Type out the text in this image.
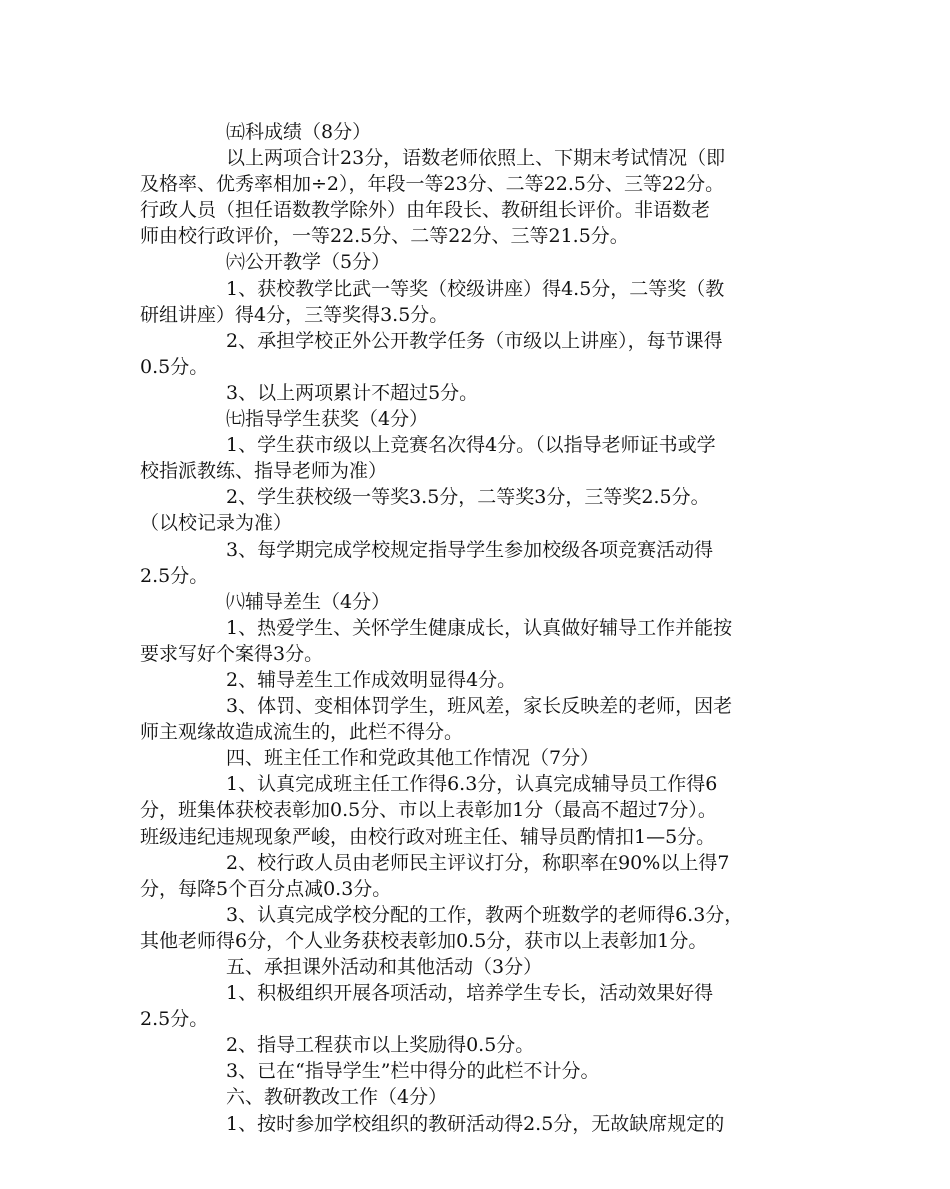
㈤科成绩（8分）
以上两项合计23分，语数老师依照上、下期末考试情况（即
及格率、优秀率相加÷2），年段一等23分、二等22.5分、三等22分。
行政人员（担任语数教学除外）由年段长、教研组长评价。非语数老
师由校行政评价，一等22.5分、二等22分、三等21.5分。
㈥公开教学（5分）
1、获校教学比武一等奖（校级讲座）得4.5分，二等奖（教
研组讲座）得4分，三等奖得3.5分。
2、承担学校正外公开教学任务（市级以上讲座），每节课得
0.5分。
3、以上两项累计不超过5分。
㈦指导学生获奖（4分）
1、学生获市级以上竞赛名次得4分。（以指导老师证书或学
校指派教练、指导老师为准）
2、学生获校级一等奖3.5分，二等奖3分，三等奖2.5分。
（以校记录为准）
3、每学期完成学校规定指导学生参加校级各项竞赛活动得
2.5分。
㈧辅导差生（4分）
1、热爱学生、关怀学生健康成长，认真做好辅导工作并能按
要求写好个案得3分。
2、辅导差生工作成效明显得4分。
3、体罚、变相体罚学生，班风差，家长反映差的老师，因老
师主观缘故造成流生的，此栏不得分。
四、班主任工作和党政其他工作情况（7分）
1、认真完成班主任工作得6.3分，认真完成辅导员工作得6
分，班集体获校表彰加0.5分、市以上表彰加1分（最高不超过7分）。
班级违纪违规现象严峻，由校行政对班主任、辅导员酌情扣1—5分。
2、校行政人员由老师民主评议打分，称职率在90%以上得7
分，每降5个百分点减0.3分。
3、认真完成学校分配的工作，教两个班数学的老师得6.3分，
其他老师得6分，个人业务获校表彰加0.5分，获市以上表彰加1分。
五、承担课外活动和其他活动（3分）
1、积极组织开展各项活动，培养学生专长，活动效果好得
2.5分。
2、指导工程获市以上奖励得0.5分。
3、已在“指导学生”栏中得分的此栏不计分。
六、教研教改工作（4分）
1、按时参加学校组织的教研活动得2.5分，无故缺席规定的
